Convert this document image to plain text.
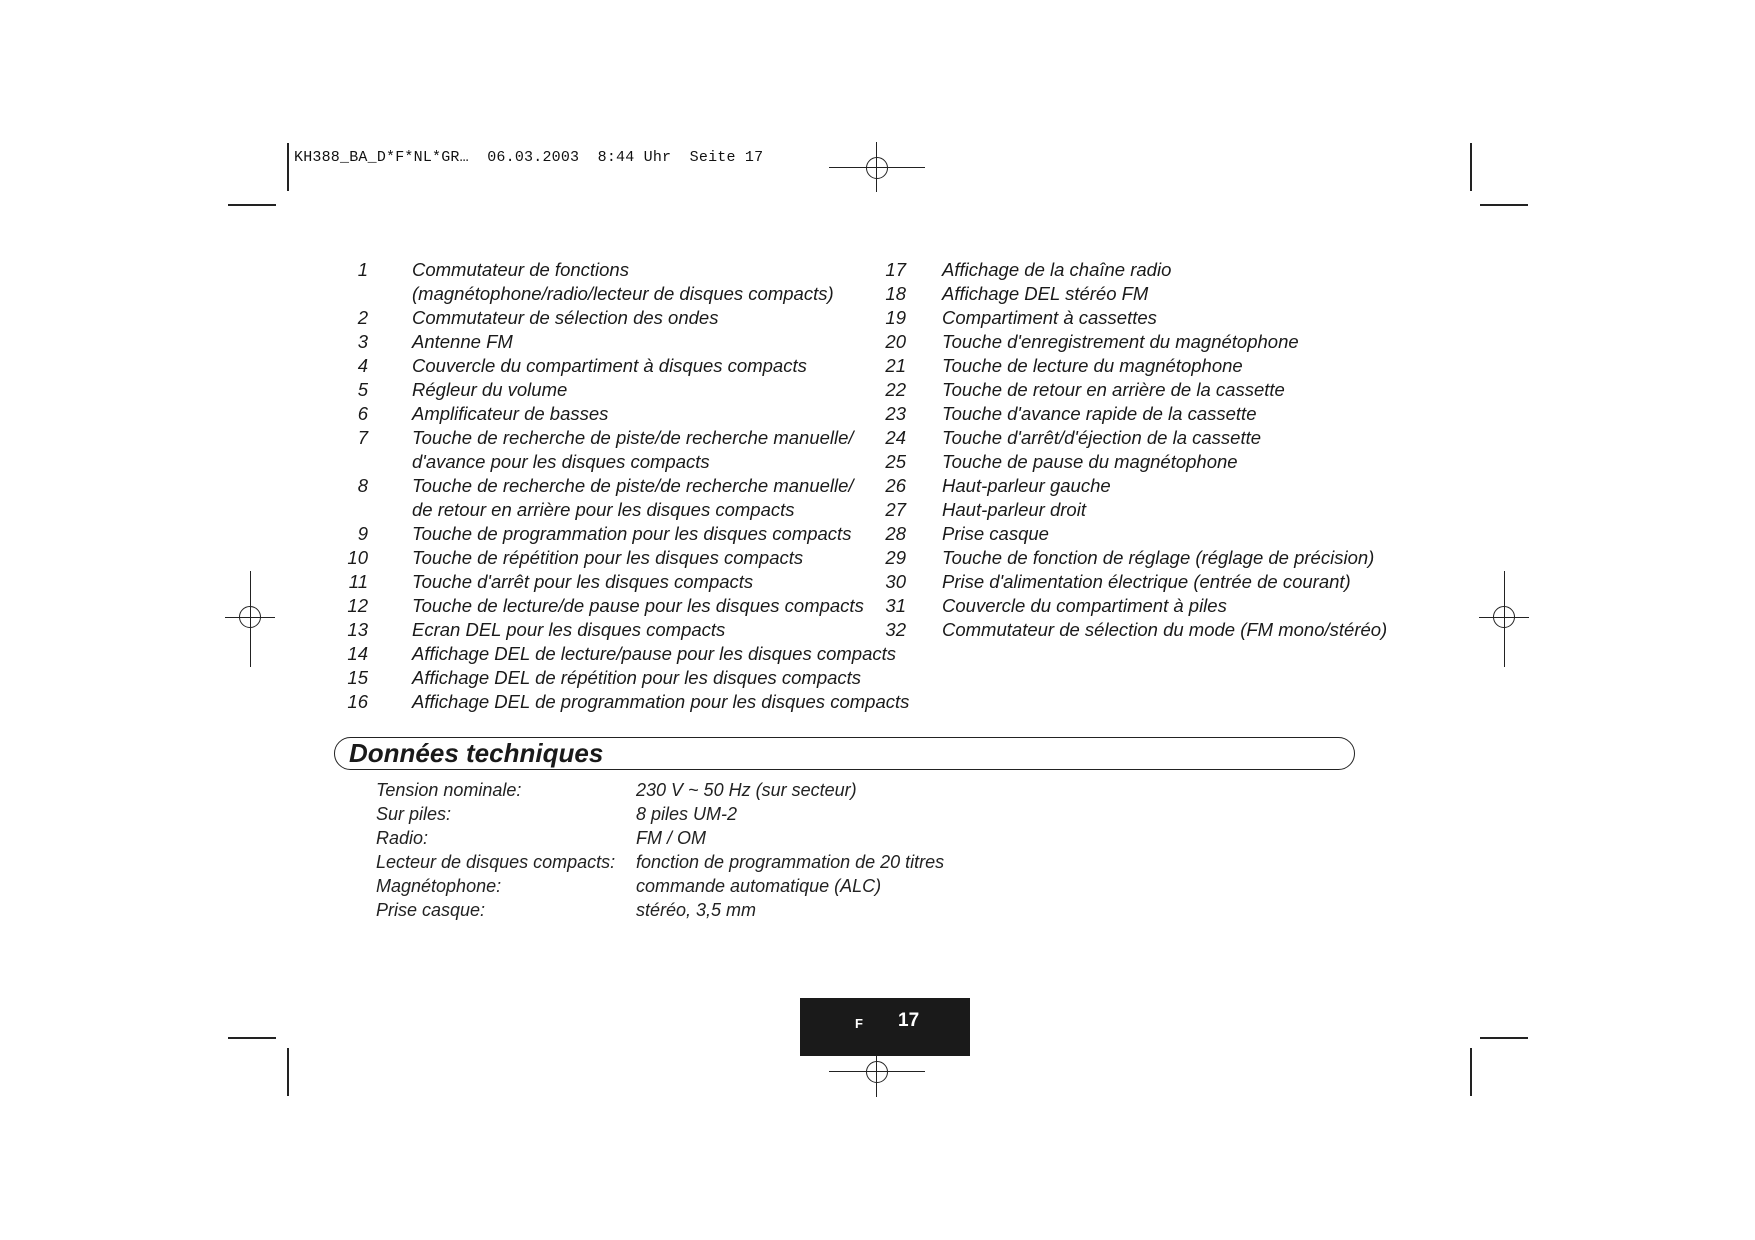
KH388_BA_D*F*NL*GR…  06.03.2003  8:44 Uhr  Seite 17
1 Commutateur de fonctions
(magnétophone/radio/lecteur de disques compacts)
2 Commutateur de sélection des ondes
3 Antenne FM
4 Couvercle du compartiment à disques compacts
5 Régleur du volume
6 Amplificateur de basses
7 Touche de recherche de piste/de recherche manuelle/
d'avance pour les disques compacts
8 Touche de recherche de piste/de recherche manuelle/
de retour en arrière pour les disques compacts
9 Touche de programmation pour les disques compacts
10 Touche de répétition pour les disques compacts
11 Touche d'arrêt pour les disques compacts
12 Touche de lecture/de pause pour les disques compacts
13 Ecran DEL pour les disques compacts
14 Affichage DEL de lecture/pause pour les disques compacts
15 Affichage DEL de répétition pour les disques compacts
16 Affichage DEL de programmation pour les disques compacts
17 Affichage de la chaîne radio
18 Affichage DEL stéréo FM
19 Compartiment à cassettes
20 Touche d'enregistrement du magnétophone
21 Touche de lecture du magnétophone
22 Touche de retour en arrière de la cassette
23 Touche d'avance rapide de la cassette
24 Touche d'arrêt/d'éjection de la cassette
25 Touche de pause du magnétophone
26 Haut-parleur gauche
27 Haut-parleur droit
28 Prise casque
29 Touche de fonction de réglage (réglage de précision)
30 Prise d'alimentation électrique (entrée de courant)
31 Couvercle du compartiment à piles
32 Commutateur de sélection du mode (FM mono/stéréo)
Données techniques
Tension nominale:	230 V ~ 50 Hz (sur secteur)
Sur piles:	8 piles UM-2
Radio:	FM / OM
Lecteur de disques compacts:	fonction de programmation de 20 titres
Magnétophone:	commande automatique (ALC)
Prise casque:	stéréo, 3,5 mm
F 17
